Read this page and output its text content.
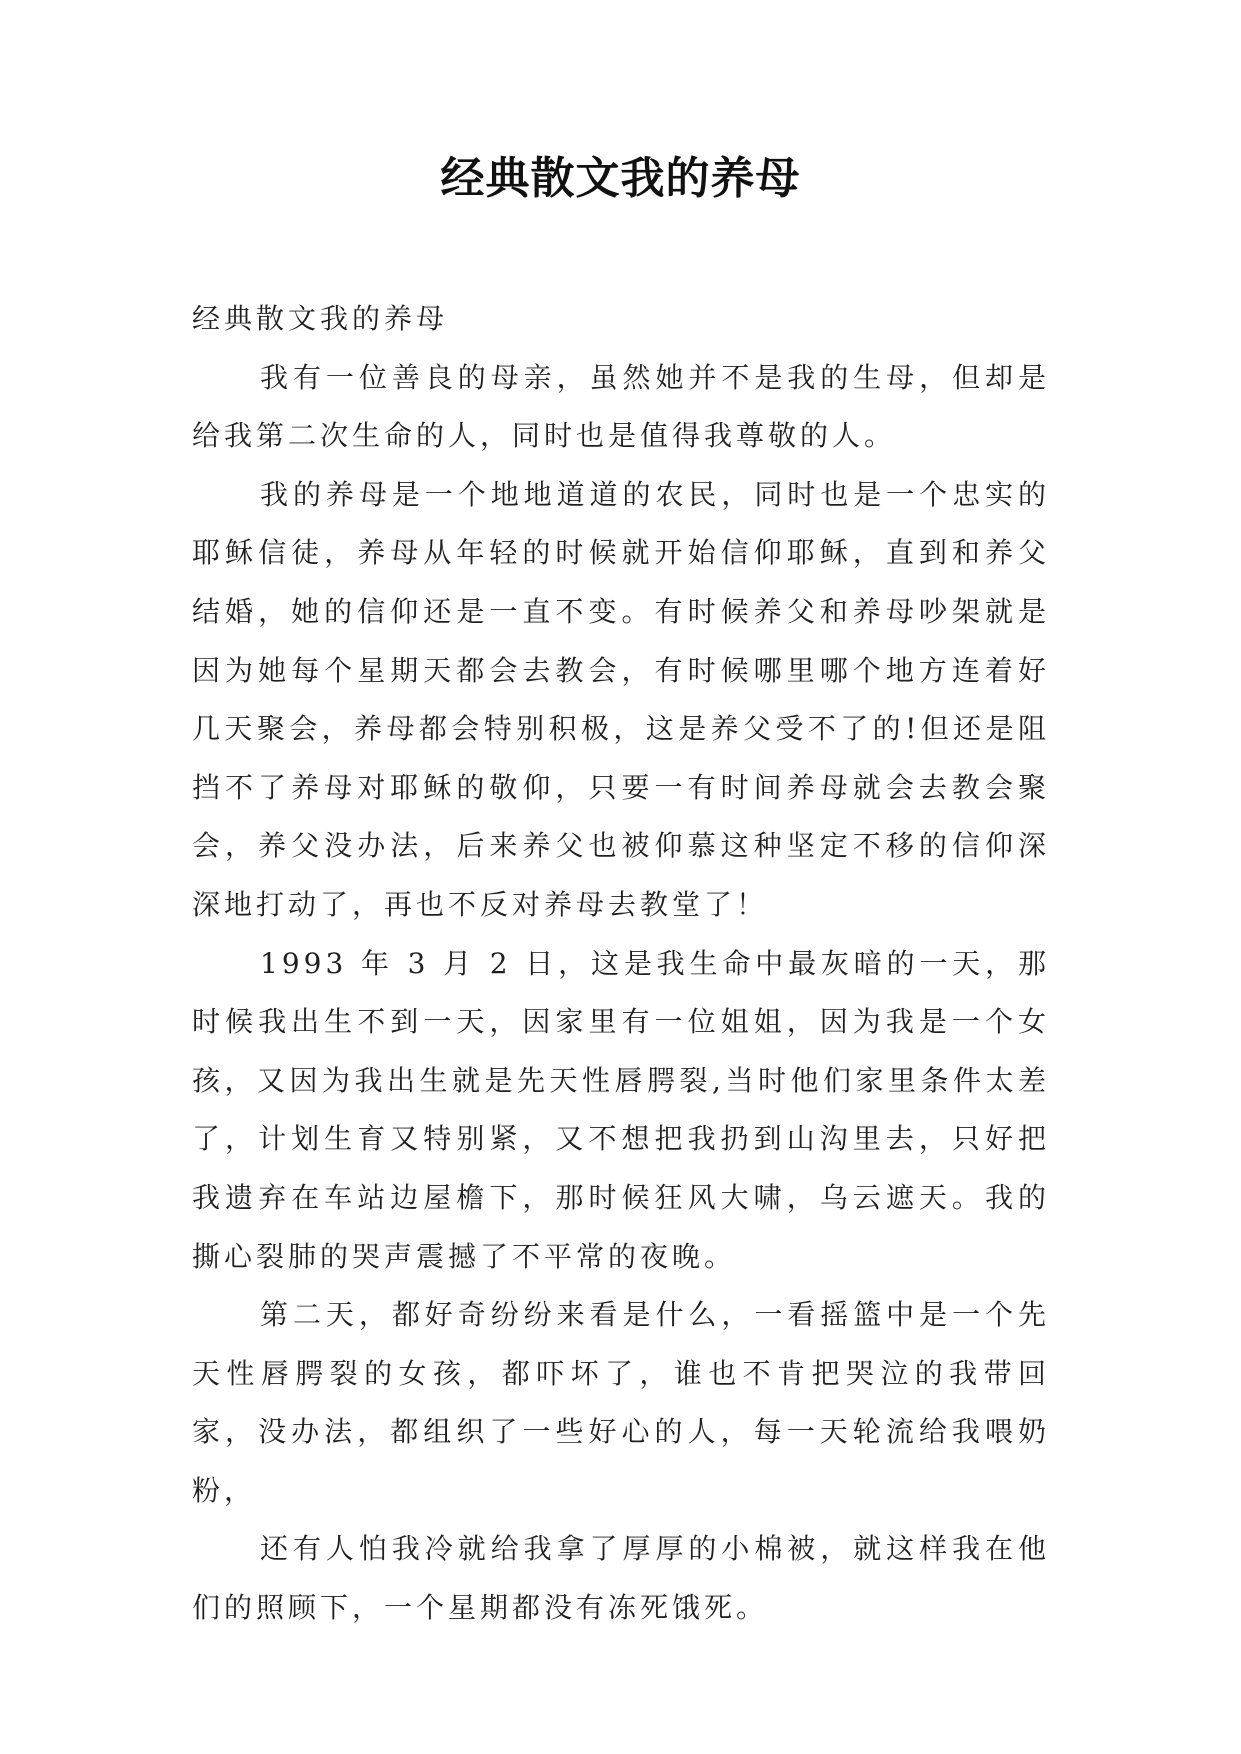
经典散文我的养母

经典散文我的养母

我有一位善良的母亲，虽然她并不是我的生母，但却是给我第二次生命的人，同时也是值得我尊敬的人。

我的养母是一个地地道道的农民，同时也是一个忠实的耶稣信徒，养母从年轻的时候就开始信仰耶稣，直到和养父结婚，她的信仰还是一直不变。有时候养父和养母吵架就是因为她每个星期天都会去教会，有时候哪里哪个地方连着好几天聚会，养母都会特别积极，这是养父受不了的!但还是阻挡不了养母对耶稣的敬仰，只要一有时间养母就会去教会聚会，养父没办法，后来养父也被仰慕这种坚定不移的信仰深深地打动了，再也不反对养母去教堂了！

1993 年 3 月 2 日，这是我生命中最灰暗的一天，那时候我出生不到一天，因家里有一位姐姐，因为我是一个女孩，又因为我出生就是先天性唇腭裂,当时他们家里条件太差了，计划生育又特别紧，又不想把我扔到山沟里去，只好把我遗弃在车站边屋檐下，那时候狂风大啸，乌云遮天。我的撕心裂肺的哭声震撼了不平常的夜晚。

第二天，都好奇纷纷来看是什么，一看摇篮中是一个先天性唇腭裂的女孩，都吓坏了，谁也不肯把哭泣的我带回家，没办法，都组织了一些好心的人，每一天轮流给我喂奶粉，

还有人怕我冷就给我拿了厚厚的小棉被，就这样我在他们的照顾下，一个星期都没有冻死饿死。
